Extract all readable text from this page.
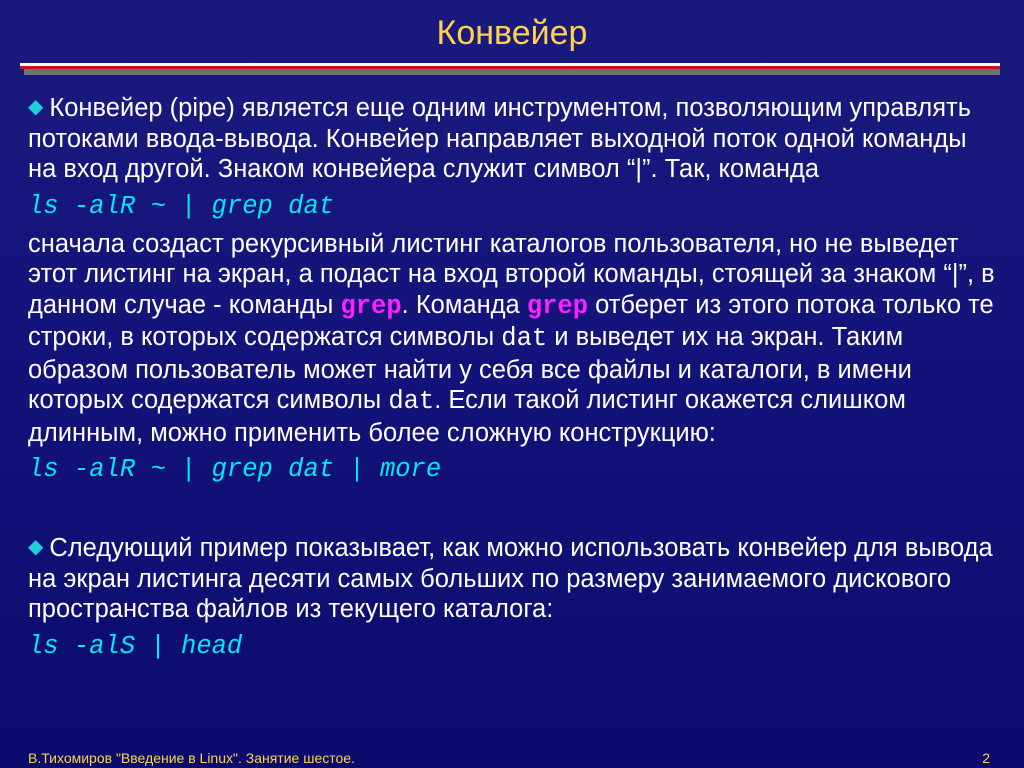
Конвейер

◆ Конвейер (pipe) является еще одним инструментом, позволяющим управлять потоками ввода-вывода. Конвейер направляет выходной поток одной команды на вход другой. Знаком конвейера служит символ “|”. Так, команда

ls -alR ~ | grep dat

сначала создаст рекурсивный листинг каталогов пользователя, но не выведет этот листинг на экран, а подаст на вход второй команды, стоящей за знаком “|”, в данном случае - команды grep. Команда grep отберет из этого потока только те строки, в которых содержатся символы dat и выведет их на экран. Таким образом пользователь может найти у себя все файлы и каталоги, в имени которых содержатся символы dat. Если такой листинг окажется слишком длинным, можно применить более сложную конструкцию:

ls -alR ~ | grep dat | more

◆ Следующий пример показывает, как можно использовать конвейер для вывода на экран листинга десяти самых больших по размеру занимаемого дискового пространства файлов из текущего каталога:

ls -alS | head
В.Тихомиров "Введение в Linux". Занятие шестое.	2
